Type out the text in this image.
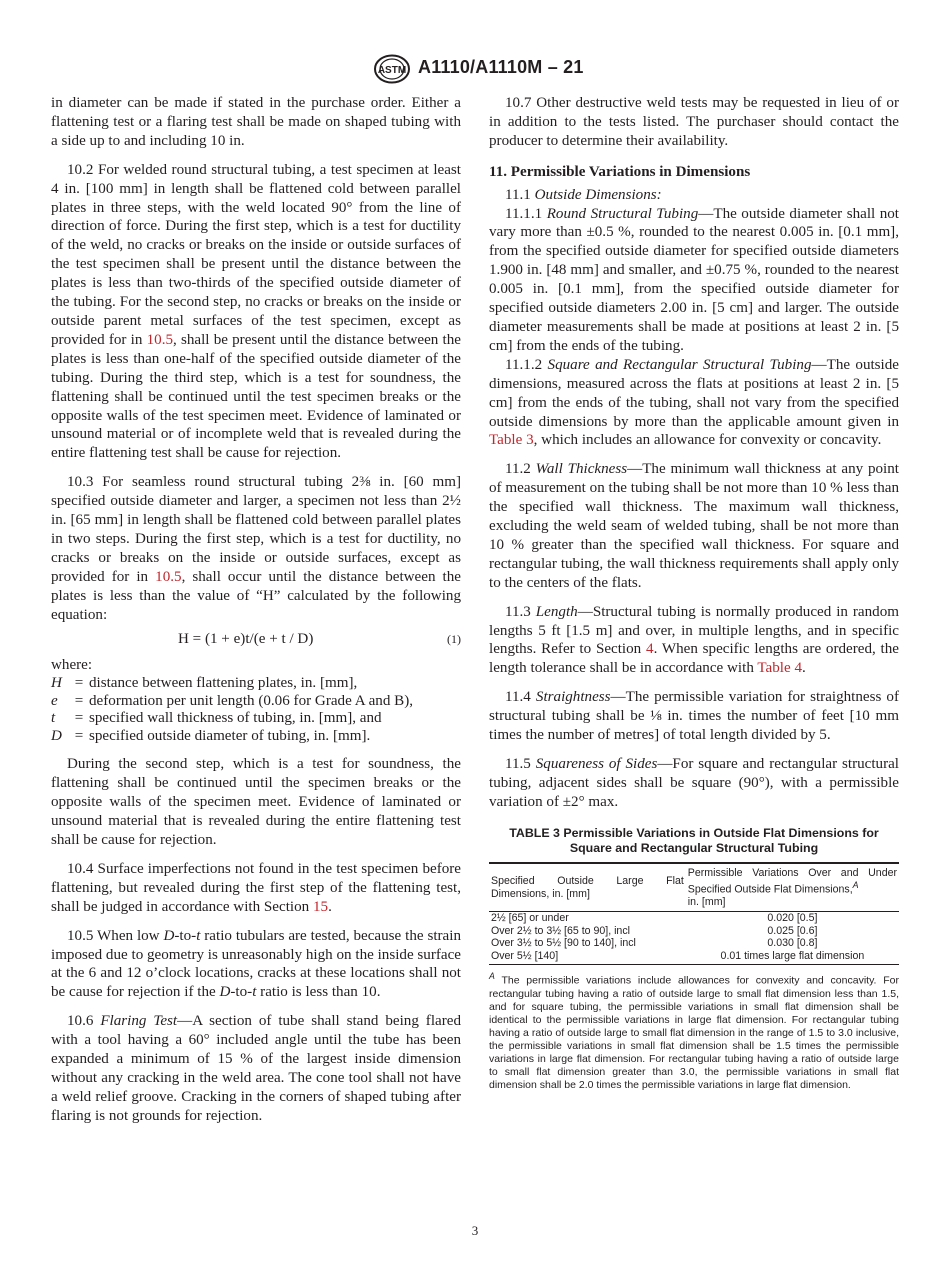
ASTM A1110/A1110M – 21

in diameter can be made if stated in the purchase order. Either a flattening test or a flaring test shall be made on shaped tubing with a side up to and including 10 in.

10.2 For welded round structural tubing, a test specimen at least 4 in. [100 mm] in length shall be flattened cold between parallel plates in three steps, with the weld located 90° from the line of direction of force. During the first step, which is a test for ductility of the weld, no cracks or breaks on the inside or outside surfaces of the test specimen shall be present until the distance between the plates is less than two-thirds of the specified outside diameter of the tubing. For the second step, no cracks or breaks on the inside or outside parent metal surfaces of the test specimen, except as provided for in 10.5, shall be present until the distance between the plates is less than one-half of the specified outside diameter of the tubing. During the third step, which is a test for soundness, the flattening shall be continued until the test specimen breaks or the opposite walls of the test specimen meet. Evidence of laminated or unsound material or of incomplete weld that is revealed during the entire flattening test shall be cause for rejection.

10.3 For seamless round structural tubing 2⅜ in. [60 mm] specified outside diameter and larger, a specimen not less than 2½ in. [65 mm] in length shall be flattened cold between parallel plates in two steps. During the first step, which is a test for ductility, no cracks or breaks on the inside or outside surfaces, except as provided for in 10.5, shall occur until the distance between the plates is less than the value of “H” calculated by the following equation:

H = (1 + e)t/(e + t / D)	(1)

where:

H = distance between flattening plates, in. [mm],
e	= deformation per unit length (0.06 for Grade A and B),
t	= specified wall thickness of tubing, in. [mm], and
D = specified outside diameter of tubing, in. [mm].

During the second step, which is a test for soundness, the flattening shall be continued until the specimen breaks or the opposite walls of the specimen meet. Evidence of laminated or unsound material that is revealed during the entire flattening test shall be cause for rejection.

10.4 Surface imperfections not found in the test specimen before flattening, but revealed during the first step of the flattening test, shall be judged in accordance with Section 15.

10.5 When low D-to-t ratio tubulars are tested, because the strain imposed due to geometry is unreasonably high on the inside surface at the 6 and 12 o’clock locations, cracks at these locations shall not be cause for rejection if the D-to-t ratio is less than 10.

10.6 Flaring Test—A section of tube shall stand being flared with a tool having a 60° included angle until the tube has been expanded a minimum of 15 % of the largest inside dimension without any cracking in the weld area. The cone tool shall not have a weld relief groove. Cracking in the corners of shaped tubing after flaring is not grounds for rejection.

10.7 Other destructive weld tests may be requested in lieu of or in addition to the tests listed. The purchaser should contact the producer to determine their availability.

11. Permissible Variations in Dimensions

11.1 Outside Dimensions:

11.1.1 Round Structural Tubing—The outside diameter shall not vary more than ±0.5 %, rounded to the nearest 0.005 in. [0.1 mm], from the specified outside diameter for specified outside diameters 1.900 in. [48 mm] and smaller, and ±0.75 %, rounded to the nearest 0.005 in. [0.1 mm], from the specified outside diameter for specified outside diameters 2.00 in. [5 cm] and larger. The outside diameter measurements shall be made at positions at least 2 in. [5 cm] from the ends of the tubing.

11.1.2 Square and Rectangular Structural Tubing—The outside dimensions, measured across the flats at positions at least 2 in. [5 cm] from the ends of the tubing, shall not vary from the specified outside dimensions by more than the applicable amount given in Table 3, which includes an allowance for convexity or concavity.

11.2 Wall Thickness—The minimum wall thickness at any point of measurement on the tubing shall be not more than 10 % less than the specified wall thickness. The maximum wall thickness, excluding the weld seam of welded tubing, shall be not more than 10 % greater than the specified wall thickness. For square and rectangular tubing, the wall thickness requirements shall apply only to the centers of the flats.

11.3 Length—Structural tubing is normally produced in random lengths 5 ft [1.5 m] and over, in multiple lengths, and in specific lengths. Refer to Section 4. When specific lengths are ordered, the length tolerance shall be in accordance with Table 4.

11.4 Straightness—The permissible variation for straightness of structural tubing shall be ⅛ in. times the number of feet [10 mm times the number of metres] of total length divided by 5.

11.5 Squareness of Sides—For square and rectangular structural tubing, adjacent sides shall be square (90°), with a permissible variation of ±2° max.

TABLE 3 Permissible Variations in Outside Flat Dimensions for Square and Rectangular Structural Tubing
Specified Outside Large Flat Dimensions, in. [mm]	Permissible Variations Over and Under Specified Outside Flat Dimensions,$^A$
in. [mm]
2½ [65] or under	0.020 [0.5]
Over 2½ to 3½ [65 to 90], incl	0.025 [0.6]
Over 3½ to 5½ [90 to 140], incl	0.030 [0.8]
Over 5½ [140]	0.01 times large flat dimension

$^A$ The permissible variations include allowances for convexity and concavity. For rectangular tubing having a ratio of outside large to small flat dimension less than 1.5, and for square tubing, the permissible variations in small flat dimension shall be identical to the permissible variations in large flat dimension. For rectangular tubing having a ratio of outside large to small flat dimension in the range of 1.5 to 3.0 inclusive, the permissible variations in small flat dimension shall be 1.5 times the permissible variations in large flat dimension. For rectangular tubing having a ratio of outside large to small flat dimension greater than 3.0, the permissible variations in small flat dimension shall be 2.0 times the permissible variations in large flat dimension.

3
